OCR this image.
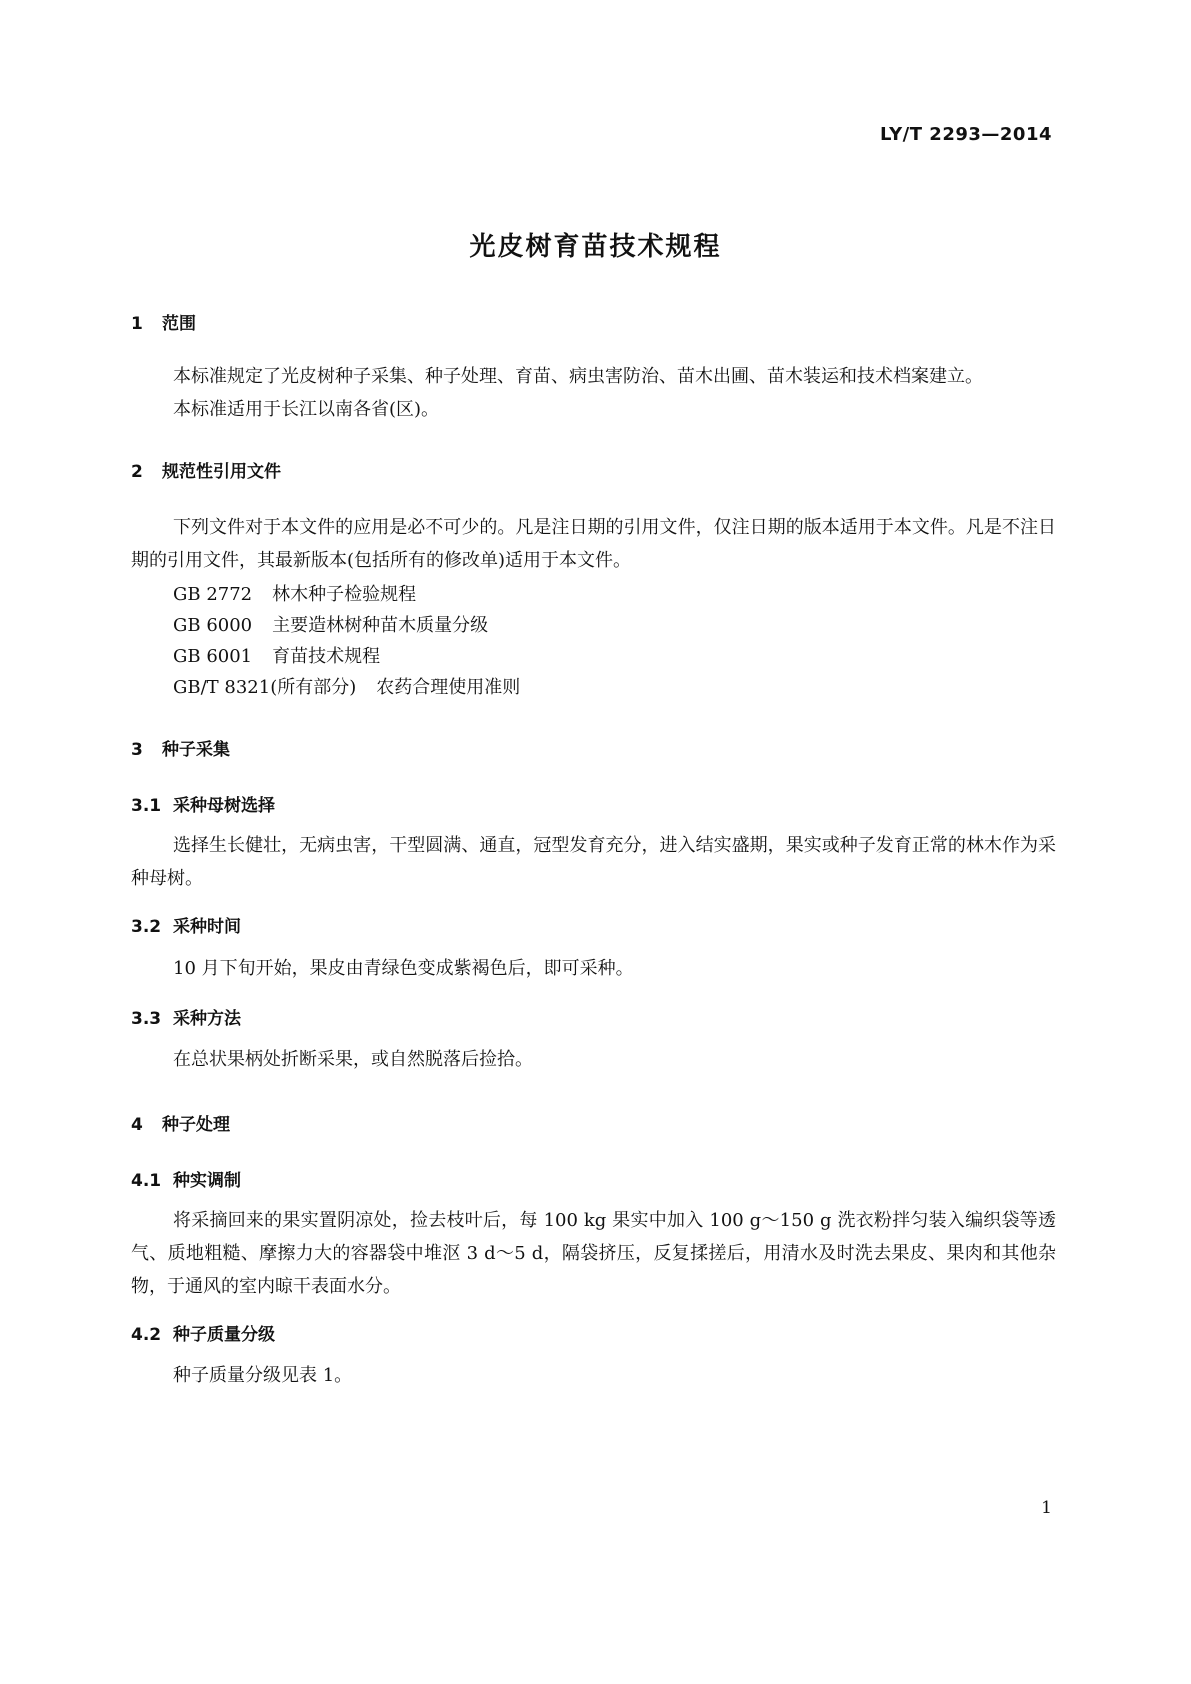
LY/T 2293—2014
光皮树育苗技术规程
1 范围

本标准规定了光皮树种子采集、种子处理、育苗、病虫害防治、苗木出圃、苗木装运和技术档案建立。

本标准适用于长江以南各省(区)。

2 规范性引用文件

下列文件对于本文件的应用是必不可少的。凡是注日期的引用文件，仅注日期的版本适用于本文件。凡是不注日期的引用文件，其最新版本(包括所有的修改单)适用于本文件。

GB 2772 林木种子检验规程
GB 6000 主要造林树种苗木质量分级
GB 6001 育苗技术规程
GB/T 8321(所有部分) 农药合理使用准则
3 种子采集
3.1 采种母树选择

选择生长健壮，无病虫害，干型圆满、通直，冠型发育充分，进入结实盛期，果实或种子发育正常的林木作为采种母树。

3.2 采种时间

10 月下旬开始，果皮由青绿色变成紫褐色后，即可采种。

3.3 采种方法

在总状果柄处折断采果，或自然脱落后捡拾。

4 种子处理
4.1 种实调制

将采摘回来的果实置阴凉处，捡去枝叶后，每 100 kg 果实中加入 100 g～150 g 洗衣粉拌匀装入编织袋等透气、质地粗糙、摩擦力大的容器袋中堆沤 3 d～5 d，隔袋挤压，反复揉搓后，用清水及时洗去果皮、果肉和其他杂物，于通风的室内晾干表面水分。

4.2 种子质量分级

种子质量分级见表 1。

1
